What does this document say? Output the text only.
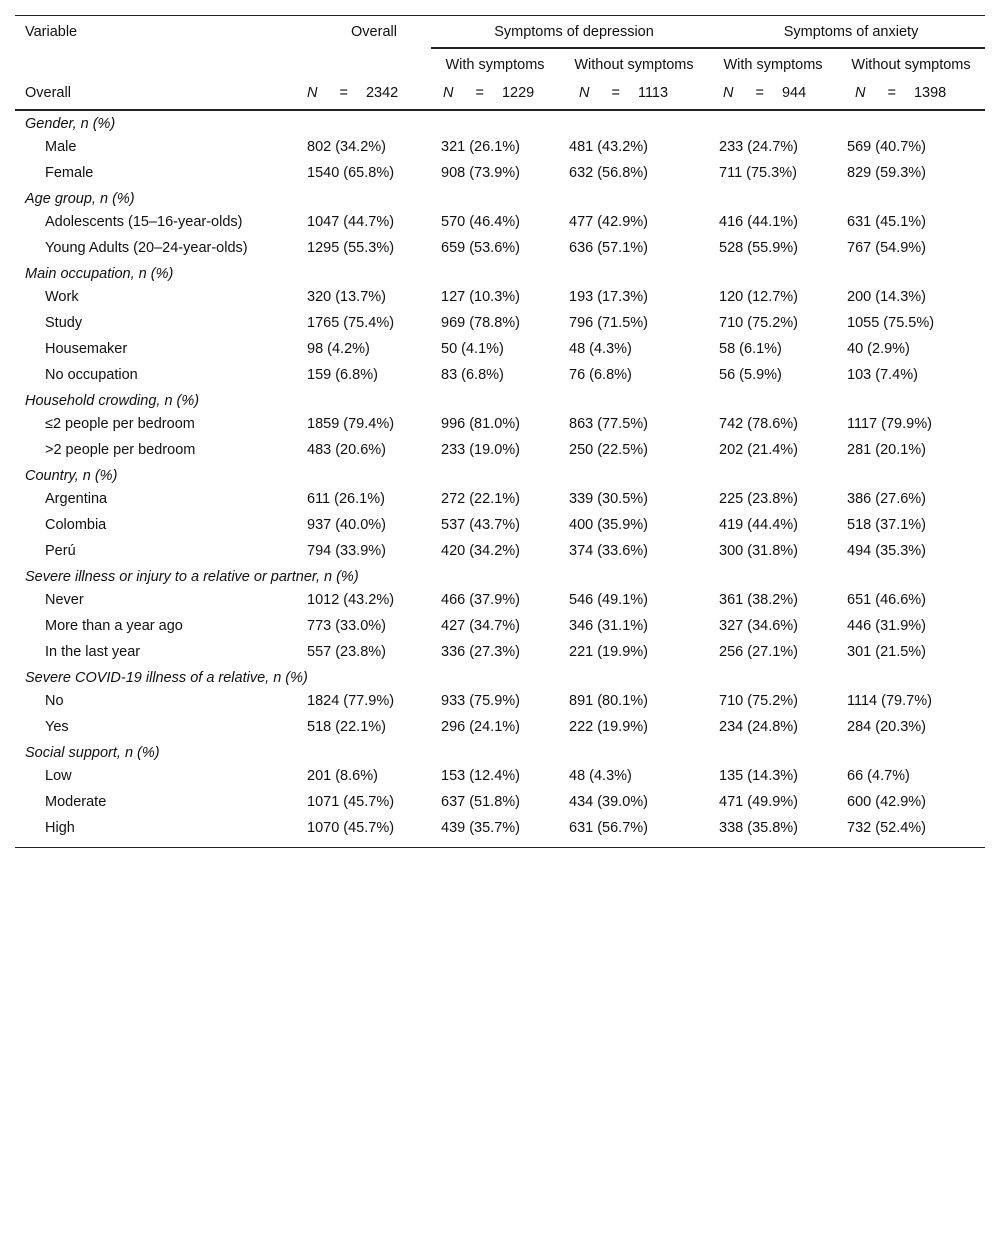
Variable	Overall	Symptoms of depression		Symptoms of anxiety	
		With symptoms	Without symptoms	With symptoms	Without symptoms
Overall	N = 2342	N = 1229	N = 1113	N = 944	N = 1398
Gender, n (%)					
Male	802 (34.2%)	321 (26.1%)	481 (43.2%)	233 (24.7%)	569 (40.7%)
Female	1540 (65.8%)	908 (73.9%)	632 (56.8%)	711 (75.3%)	829 (59.3%)
Age group, n (%)					
Adolescents (15–16-year-olds)	1047 (44.7%)	570 (46.4%)	477 (42.9%)	416 (44.1%)	631 (45.1%)
Young Adults (20–24-year-olds)	1295 (55.3%)	659 (53.6%)	636 (57.1%)	528 (55.9%)	767 (54.9%)
Main occupation, n (%)					
Work	320 (13.7%)	127 (10.3%)	193 (17.3%)	120 (12.7%)	200 (14.3%)
Study	1765 (75.4%)	969 (78.8%)	796 (71.5%)	710 (75.2%)	1055 (75.5%)
Housemaker	98 (4.2%)	50 (4.1%)	48 (4.3%)	58 (6.1%)	40 (2.9%)
No occupation	159 (6.8%)	83 (6.8%)	76 (6.8%)	56 (5.9%)	103 (7.4%)
Household crowding, n (%)					
≤2 people per bedroom	1859 (79.4%)	996 (81.0%)	863 (77.5%)	742 (78.6%)	1117 (79.9%)
>2 people per bedroom	483 (20.6%)	233 (19.0%)	250 (22.5%)	202 (21.4%)	281 (20.1%)
Country, n (%)					
Argentina	611 (26.1%)	272 (22.1%)	339 (30.5%)	225 (23.8%)	386 (27.6%)
Colombia	937 (40.0%)	537 (43.7%)	400 (35.9%)	419 (44.4%)	518 (37.1%)
Perú	794 (33.9%)	420 (34.2%)	374 (33.6%)	300 (31.8%)	494 (35.3%)
Severe illness or injury to a relative or partner, n (%)					
Never	1012 (43.2%)	466 (37.9%)	546 (49.1%)	361 (38.2%)	651 (46.6%)
More than a year ago	773 (33.0%)	427 (34.7%)	346 (31.1%)	327 (34.6%)	446 (31.9%)
In the last year	557 (23.8%)	336 (27.3%)	221 (19.9%)	256 (27.1%)	301 (21.5%)
Severe COVID-19 illness of a relative, n (%)					
No	1824 (77.9%)	933 (75.9%)	891 (80.1%)	710 (75.2%)	1114 (79.7%)
Yes	518 (22.1%)	296 (24.1%)	222 (19.9%)	234 (24.8%)	284 (20.3%)
Social support, n (%)					
Low	201 (8.6%)	153 (12.4%)	48 (4.3%)	135 (14.3%)	66 (4.7%)
Moderate	1071 (45.7%)	637 (51.8%)	434 (39.0%)	471 (49.9%)	600 (42.9%)
High	1070 (45.7%)	439 (35.7%)	631 (56.7%)	338 (35.8%)	732 (52.4%)
